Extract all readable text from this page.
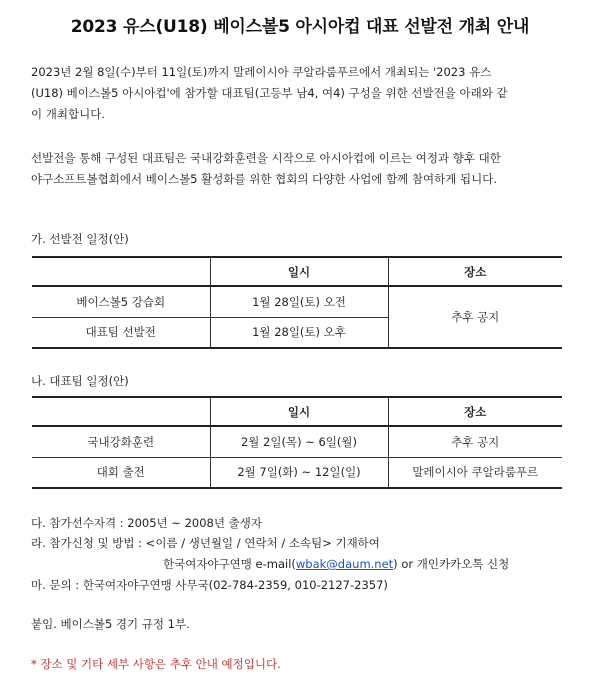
2023 유스(U18) 베이스볼5 아시아컵 대표 선발전 개최 안내
2023년 2월 8일(수)부터 11일(토)까지 말레이시아 쿠알라룸푸르에서 개최되는 '2023 유스
(U18) 베이스볼5 아시아컵'에 참가할 대표팀(고등부 남4, 여4) 구성을 위한 선발전을 아래와 같
이 개최합니다.
선발전을 통해 구성된 대표팀은 국내강화훈련을 시작으로 아시아컵에 이르는 여정과 향후 대한
야구소프트볼협회에서 베이스볼5 활성화를 위한 협회의 다양한 사업에 함께 참여하게 됩니다.
가. 선발전 일정(안)
	일시	장소
베이스볼5 강습회	1월 28일(토) 오전	추후 공지
대표팀 선발전	1월 28일(토) 오후	
나. 대표팀 일정(안)
	일시	장소
국내강화훈련	2월 2일(목) ~ 6일(월)	추후 공지
대회 출전	2월 7일(화) ~ 12일(일)	말레이시아 쿠알라룸푸르
다. 참가선수자격 : 2005년 ~ 2008년 출생자
라. 참가신청 및 방법 : <이름 / 생년월일 / 연락처 / 소속팀> 기재하여
한국여자야구연맹 e-mail(wbak@daum.net) or 개인카카오톡 신청
마. 문의 : 한국여자야구연맹 사무국(02-784-2359, 010-2127-2357)
붙임. 베이스볼5 경기 규정 1부.
* 장소 및 기타 세부 사항은 추후 안내 예정입니다.
